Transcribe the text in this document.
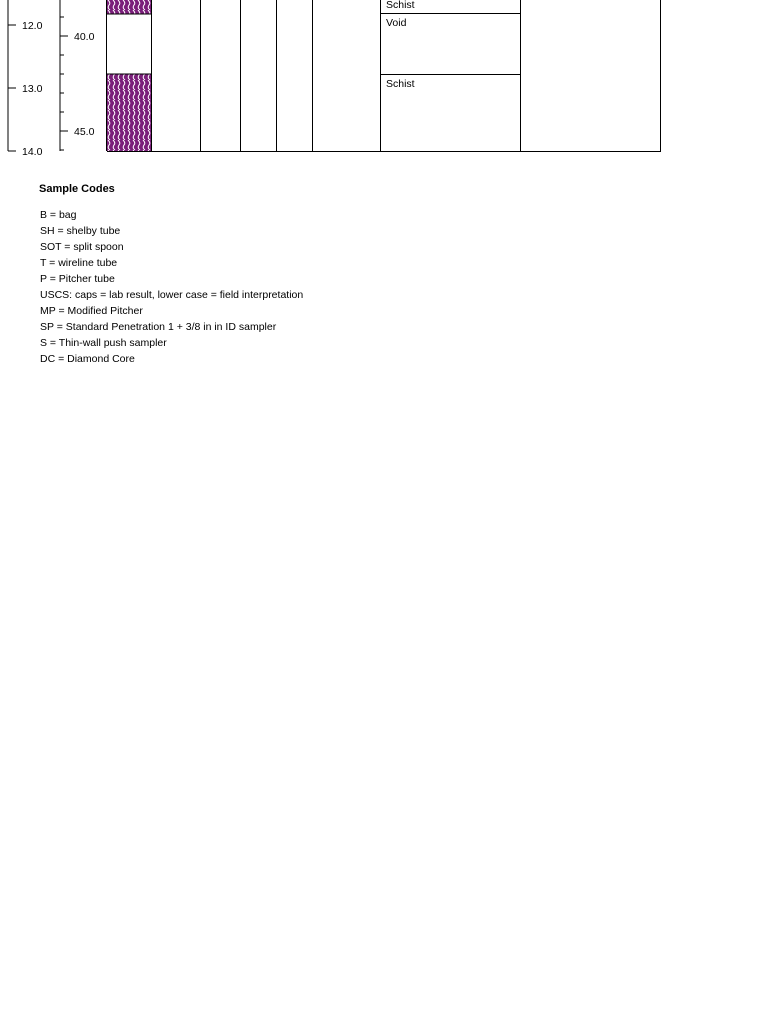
12.0
13.0
14.0
40.0
45.0
Schist
Void
Schist
Sample Codes
B = bag
SH = shelby tube
SOT = split spoon
T = wireline tube
P = Pitcher tube
USCS: caps = lab result, lower case = field interpretation
MP = Modified Pitcher
SP = Standard Penetration 1 + 3/8 in in ID sampler
S = Thin-wall push sampler
DC = Diamond Core
